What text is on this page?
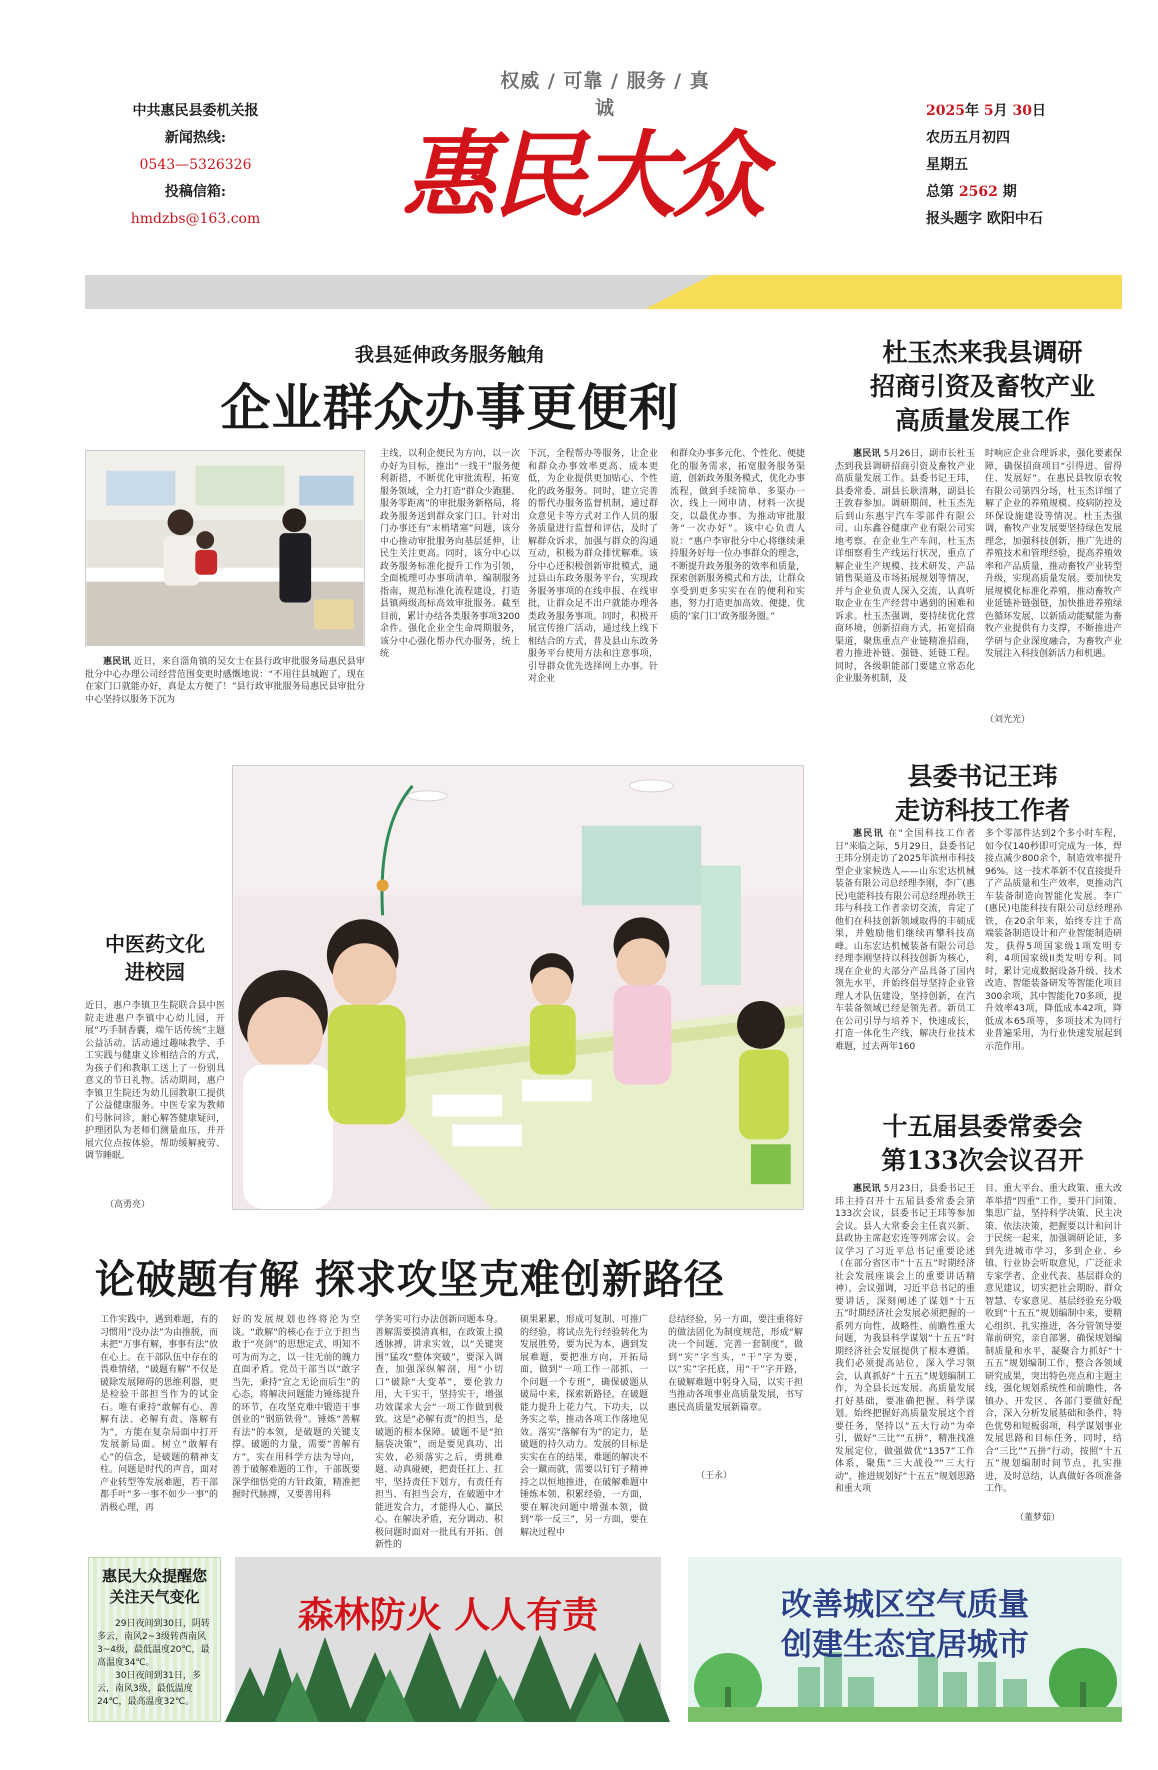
权威 / 可靠 / 服务 / 真诚
中共惠民县委机关报
新闻热线:
0543—5326326
投稿信箱:
hmdzbs@163.com 惠民大众
2025年 5月 30日
农历五月初四
星期五
总第 2562 期
报头题字 欧阳中石
我县延伸政务服务触角
企业群众办事更便利

惠民讯 近日，来自淄角镇的吴女士在县行政审批服务局惠民县审批分中心办理公司经营范围变更时感慨地说：“不用往县城跑了，现在在家门口就能办好，真是太方便了！”县行政审批服务局惠民县审批分中心坚持以服务下沉为

主线，以利企便民为方向，以一次办好为目标，推出“一线干”服务便利新措，不断优化审批流程，拓宽服务领域，全力打造“群众少跑腿、服务零距离”的审批服务新格局，将政务服务送到群众家门口。针对出门办事还有“末梢堵塞”问题，该分中心推动审批服务向基层延伸，让民生关注更高。同时，该分中心以政务服务标准化提升工作为引领，全面梳理可办事项清单，编制服务指南，规范标准化流程建设，打造县镇两级高标高效审批服务。截至目前，累计办结各类服务事项3200余件。强化企业全生命周期服务，该分中心强化帮办代办服务，统上统
下沉，全程帮办等服务，让企业和群众办事效率更高、成本更低，为企业提供更加贴心、个性化的政务服务。同时，建立完善的帮代办服务监督机制，通过群众意见卡等方式对工作人员的服务质量进行监督和评估，及时了解群众诉求，加强与群众的沟通互动，积极为群众排忧解难。该分中心还积极创新审批模式，通过县山东政务服务平台，实现政务服务事项的在线申报、在线审批，让群众足不出户就能办理各类政务服务事项。同时，积极开展宣传推广活动，通过线上线下相结合的方式，普及县山东政务服务平台使用方法和注意事项，引导群众优先选择网上办事。针对企业
和群众办事多元化、个性化、便捷化的服务需求，拓宽服务服务渠道，创新政务服务模式，优化办事流程，做到手续简单、多渠办一次，线上一网申请、材料一次提交，以最优办事、为推动审批服务“一次办好”。该中心负责人说：“惠户李审批分中心将继续秉持服务好每一位办事群众的理念，不断提升政务服务的效率和质量，探索创新服务模式和方法，让群众享受到更多实实在在的便利和实惠，努力打造更加高效、便捷、优质的‘家门口’政务服务圈。”
杜玉杰来我县调研
招商引资及畜牧产业
高质量发展工作

惠民讯 5月26日，副市长杜玉杰到我县调研招商引资及畜牧产业高质量发展工作。县委书记王玮，县委常委、副县长耿清琳，副县长王敦春参加。调研期间，杜玉杰先后到山东惠宇汽车零部件有限公司、山东鑫谷健康产业有限公司实地考察。在企业生产车间，杜玉杰详细察看生产线运行状况，重点了解企业生产规模、技术研发、产品销售渠道及市场拓展规划等情况，并与企业负责人深入交流，认真听取企业在生产经营中遇到的困难和诉求。杜玉杰强调，要持续优化营商环境，创新招商方式，拓宽招商渠道，聚焦重点产业链精准招商，着力推进补链、强链、延链工程。同时，各级职能部门要建立常态化企业服务机制，及

时响应企业合理诉求，强化要素保障，确保招商项目“引得进、留得住、发展好”。在惠民县牧原农牧有限公司第四分场，杜玉杰详细了解了企业的养殖规模、疫病防控及环保设施建设等情况。杜玉杰强调，畜牧产业发展要坚持绿色发展理念，加强科技创新，推广先进的养殖技术和管理经验，提高养殖效率和产品质量，推动畜牧产业转型升级，实现高质量发展。要加快发展规模化标准化养殖，推动畜牧产业延链补链强链，加快推进养殖绿色循环发展，以新质动能赋能为畜牧产业提供有力支撑，不断推进产学研与企业深度融合，为畜牧产业发展注入科技创新活力和机遇。
（刘光光）
中医药文化
进校园
近日，惠户李镇卫生院联合县中医院走进惠户李镇中心幼儿园，开展“巧手制香囊，端午话传统”主题公益活动。活动通过趣味教学、手工实践与健康义诊相结合的方式，为孩子们和教职工送上了一份别具意义的节日礼物。活动期间，惠户李镇卫生院还为幼儿园教职工提供了公益健康服务。中医专家为教师们号脉问诊，耐心解答健康疑问，护理团队为老师们测量血压，并开展穴位点按体验，帮助缓解疲劳、调节睡眠。
（高勇亮）
县委书记王玮
走访科技工作者

惠民讯 在“全国科技工作者日”来临之际，5月29日，县委书记王玮分别走访了2025年滨州市科技型企业家候选人——山东宏达机械装备有限公司总经理李刚，李广(惠民)电能科技有限公司总经理孙铁王玮与科技工作者亲切交流，肯定了他们在科技创新领域取得的丰硕成果，并勉励他们继续再攀科技高峰。山东宏达机械装备有限公司总经理李刚坚持以科技创新为核心，现在企业的大部分产品具备了国内领先水平，并始终倡导坚持企业管理人才队伍建设，坚持创新，在汽车装备领域已经是领先者。新员工在公司引导与培养下，快速成长，打造一体化生产线，解决行业技术难题，过去两年160

多个零部件达到2个多小时车程，如今仅140秒即可完成为一体，焊接点减少800余个，制造效率提升96%。这一技术革新不仅直接提升了产品质量和生产效率，更推动汽车装备制造向智能化发展。李广(惠民)电能科技有限公司总经理孙铁，在20余年来，始终专注于高端装备制造设计和产业智能制造研发，获得5项国家级1项发明专利，4项国家级II类发明专利。同时，累计完成数据设备升级、技术改造、智能装备研发等智能化项目300余项，其中智能化70多项，提升效率43项，降低成本42项，降低成本65项等，多项技术为同行业普遍采用，为行业快速发展起到示范作用。
十五届县委常委会
第133次会议召开

惠民讯 5月23日，县委书记王玮主持召开十五届县委常委会第133次会议，县委书记王玮等参加会议。县人大常委会主任袁兴新、县政协主席赵宏连等列席会议。会议学习了习近平总书记重要论述（在部分省区市“十五五”时期经济社会发展座谈会上的重要讲话精神），会议强调，习近平总书记的重要讲话，深刻阐述了谋划“十五五”时期经济社会发展必须把握的一系列方向性、战略性、前瞻性重大问题，为我县科学谋划“十五五”时期经济社会发展提供了根本遵循。我们必须提高站位，深入学习领会，认真抓好“十五五”规划编制工作，为全县长远发展、高质量发展打好基础，要准确把握、科学谋划。始终把握好高质量发展这个首要任务，坚持以“五大行动”为牵引，做好“三比”“五拼”，精准找准发展定位，做强做优“1357”工作体系，聚焦“三大战役”“三大行动”，推进规划好“十五五”规划思路和重大项

目、重大平台、重大政策、重大改革举措“四重”工作，要开门问策、集思广益，坚持科学决策、民主决策、依法决策，把握要以计和问计于民统一起来，加强调研论证，多到先进城市学习，多到企业、乡镇、行业协会听取意见，广泛征求专家学者、企业代表、基层群众的意见建议，切实把社会期盼、群众智慧、专家意见、基层经验充分吸收到“十五五”规划编制中来，要精心组织、扎实推进，各分管领导要靠前研究，亲自部署，确保规划编制质量和水平，凝聚合力抓好“十五五”规划编制工作，整合各领域研究成果，突出特色亮点和主题主线，强化规划系统性和前瞻性，各镇办、开发区、各部门要做好配合，深入分析发展基础和条件，特色优势和短板弱项，科学谋划事业发展思路和目标任务，同时，结合“三比”“五拼”行动，按照“十五五”规划编制时间节点，扎实推进，及时总结，认真做好各项准备工作。
（董梦茹）
论破题有解 探求攻坚克难创新路径
工作实践中，遇到难题，有的习惯用“没办法”为由推脱，而未把“万事有解，事事有法”放在心上。在干部队伍中存在的畏难情绪，“破题有解”不仅是破除发展障碍的思维利器，更是检验干部担当作为的试金石。唯有秉持“敢解有心、善解有法、必解有责、落解有为”，方能在复杂局面中打开发展新局面。树立“敢解有心”的信念，是破题的精神支柱。问题是时代的声音，面对产业转型等发展难题，若干部都手叶“多一事不如少一事”的消极心理，再
好的发展规划也终将沦为空谈。“敢解”的核心在于立于担当敢于“亮剑”的思想定式，明知不可为而为之，以一往无前的魄力直面矛盾。党员干部当以“敢字当先，秉持“宜之无论而后生”的心态，将解决问题能力锤练提升的环节，在攻坚克难中锻造干事创业的“钢筋铁骨”。锤炼“善解有法”的本领，是破题的关键支撑。破题的力量，需要“善解有方”，实在用科学方法为导向，善于破解难题的工作，干部既要深学细悟党的方针政策，精准把握时代脉搏，又要善用科
学务实可行办法创新问题本身。善解需要摸清真相，在政策上摸透脉搏，讲求实效，以“关键突围”猛攻“整体突破”，要深入调查，加强深纵解剖，用“小切口”破除“大变革”，要伦敦力用，大干实干，坚持实干，增强功效谋求大会“一项工作做到极致。这是“必解有责”的担当，是破题的根本保障。破题不是“拍脑袋决策”，而是要见真功、出实效，必须落实之后，勇挑难题、动真碰硬，把责任扛上、扛牢，坚持责任下划方，有责任有担当、有担当会方，在破题中才能迸发合力，才能得人心、赢民心。在解决矛盾，充分调动、积极问题时面对一批具有开拓、创新性的
硕果累累，形成可复制、可推广的经验，将试点先行经验转化为发展胜势，要为民为本，遇到发展难题，要把准方向，开拓局面，做到“一项工作一部抓、一个问题一个专班”，确保破题从破局中来，探索新路径，在破题能力提升上花力气、下功夫，以务实之举，推动各项工作落地见效。落实“落解有为”的定力，是破题的持久动力。发展的目标是实实在在的结果，难题的解决不会一蹴而就，需要以钉钉子精神持之以恒地推进，在破解难题中锤炼本领、积累经验，一方面，要在解决问题中增强本领，做到“举一反三”，另一方面，要在解决过程中
总结经验，另一方面，要注重将好的做法固化为制度规范，形成“解决一个问题、完善一套制度”，做到“实”字当头，“干”字为要，以“实”字托底，用“干”字开路，在破解难题中躬身入局，以实干担当推动各项事业高质量发展，书写惠民高质量发展新篇章。
（王永）
惠民大众提醒您关注天气变化

29日夜间到30日，阴转多云，南风2~3级转西南风3~4级，最低温度20℃，最高温度34℃。

30日夜间到31日，多云，南风3级，最低温度24℃，最高温度32℃。

森林防火 人人有责	改善城区空气质量
创建生态宜居城市
